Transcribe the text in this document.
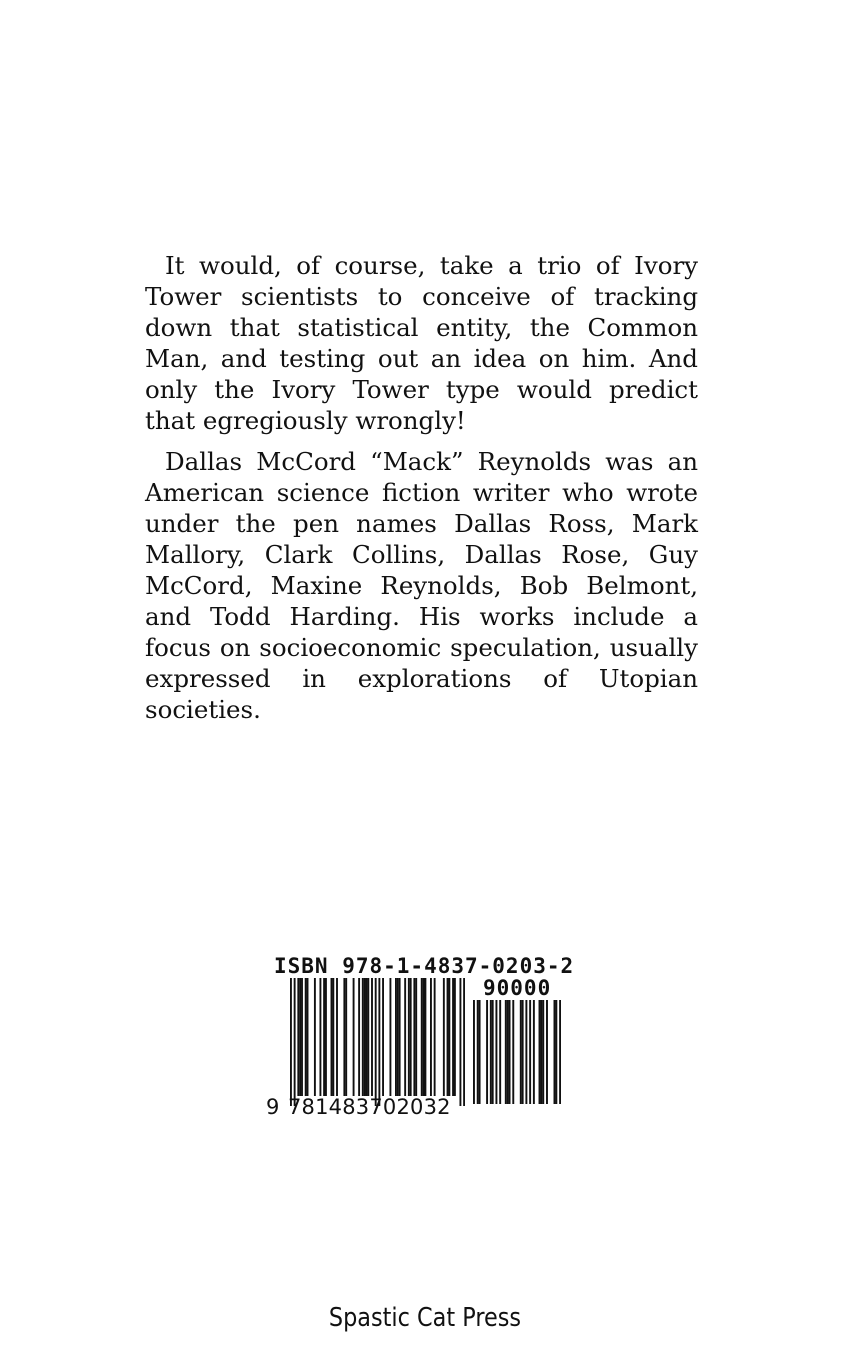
It would, of course, take a trio of Ivory Tower scientists to conceive of tracking down that statistical entity, the Common Man, and testing out an idea on him. And only the Ivory Tower type would predict that egregiously wrongly!

Dallas McCord “Mack” Reynolds was an American science fiction writer who wrote under the pen names Dallas Ross, Mark Mallory, Clark Collins, Dallas Rose, Guy McCord, Maxine Reynolds, Bob Belmont, and Todd Harding. His works include a focus on socioeconomic speculation, usually expressed in explorations of Utopian societies.

ISBN 978-1-4837-0203-2
90000
9 781483702032
Spastic Cat Press
